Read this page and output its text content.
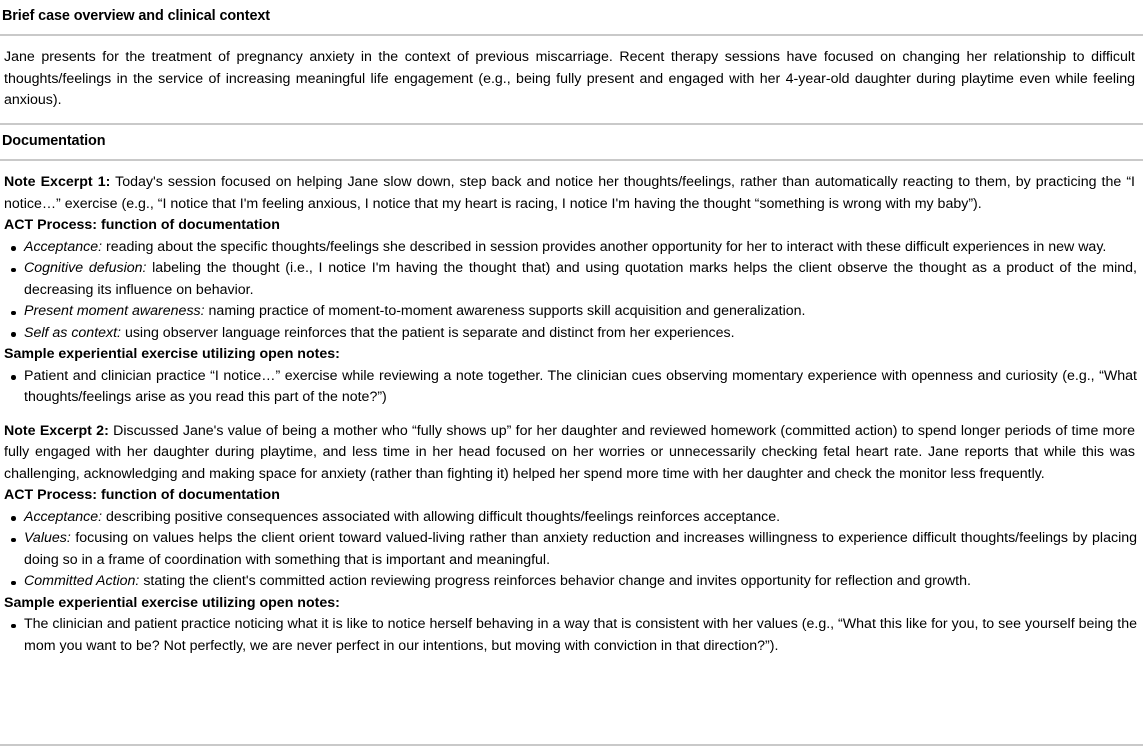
Brief case overview and clinical context
Jane presents for the treatment of pregnancy anxiety in the context of previous miscarriage. Recent therapy sessions have focused on changing her relationship to difficult thoughts/feelings in the service of increasing meaningful life engagement (e.g., being fully present and engaged with her 4-year-old daughter during playtime even while feeling anxious).
Documentation
Note Excerpt 1: Today's session focused on helping Jane slow down, step back and notice her thoughts/feelings, rather than automatically reacting to them, by practicing the “I notice…” exercise (e.g., “I notice that I'm feeling anxious, I notice that my heart is racing, I notice I'm having the thought “something is wrong with my baby”).
ACT Process: function of documentation
Acceptance: reading about the specific thoughts/feelings she described in session provides another opportunity for her to interact with these difficult experiences in new way.
Cognitive defusion: labeling the thought (i.e., I notice I'm having the thought that) and using quotation marks helps the client observe the thought as a product of the mind, decreasing its influence on behavior.
Present moment awareness: naming practice of moment-to-moment awareness supports skill acquisition and generalization.
Self as context: using observer language reinforces that the patient is separate and distinct from her experiences.
Sample experiential exercise utilizing open notes:
Patient and clinician practice “I notice…” exercise while reviewing a note together. The clinician cues observing momentary experience with openness and curiosity (e.g., “What thoughts/feelings arise as you read this part of the note?”)
Note Excerpt 2: Discussed Jane's value of being a mother who “fully shows up” for her daughter and reviewed homework (committed action) to spend longer periods of time more fully engaged with her daughter during playtime, and less time in her head focused on her worries or unnecessarily checking fetal heart rate. Jane reports that while this was challenging, acknowledging and making space for anxiety (rather than fighting it) helped her spend more time with her daughter and check the monitor less frequently.
ACT Process: function of documentation
Acceptance: describing positive consequences associated with allowing difficult thoughts/feelings reinforces acceptance.
Values: focusing on values helps the client orient toward valued-living rather than anxiety reduction and increases willingness to experience difficult thoughts/feelings by placing doing so in a frame of coordination with something that is important and meaningful.
Committed Action: stating the client's committed action reviewing progress reinforces behavior change and invites opportunity for reflection and growth.
Sample experiential exercise utilizing open notes:
The clinician and patient practice noticing what it is like to notice herself behaving in a way that is consistent with her values (e.g., “What this like for you, to see yourself being the mom you want to be? Not perfectly, we are never perfect in our intentions, but moving with conviction in that direction?”).
